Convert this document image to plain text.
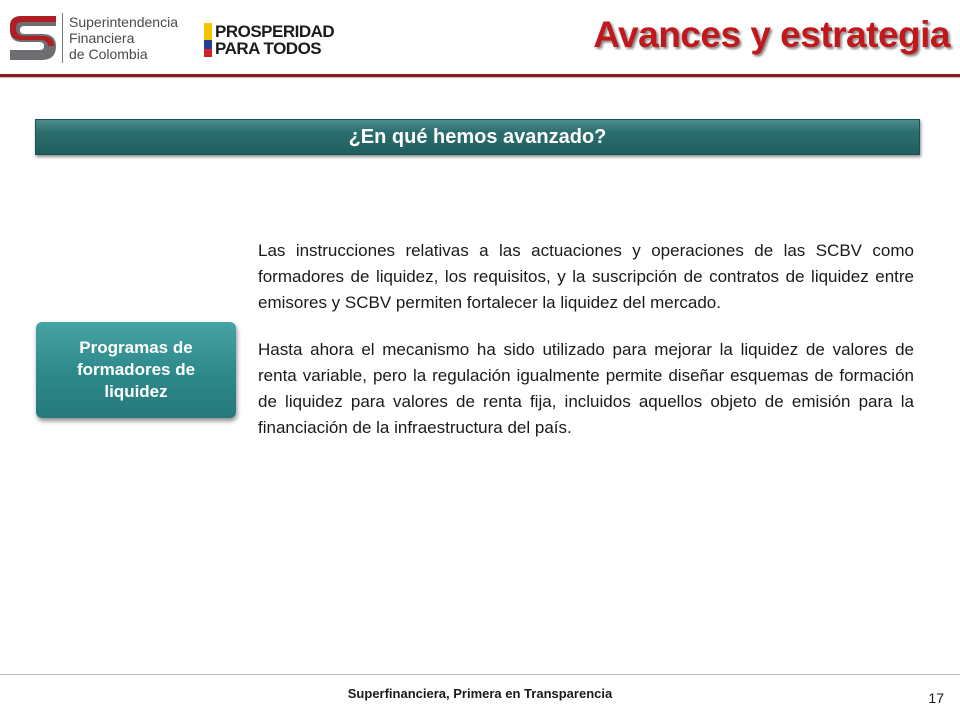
Superintendencia
Financiera
de Colombia
PROSPERIDAD
PARA TODOS	Avances y estrategia
¿En qué hemos avanzado?
Programas de formadores de liquidez

Las instrucciones relativas a las actuaciones y operaciones de las SCBV como formadores de liquidez, los requisitos, y la suscripción de contratos de liquidez entre emisores y SCBV permiten fortalecer la liquidez del mercado.

Hasta ahora el mecanismo ha sido utilizado para mejorar la liquidez de valores de renta variable, pero la regulación igualmente permite diseñar esquemas de formación de liquidez para valores de renta fija, incluidos aquellos objeto de emisión para la financiación de la infraestructura del país.

Superfinanciera, Primera en Transparencia	17
